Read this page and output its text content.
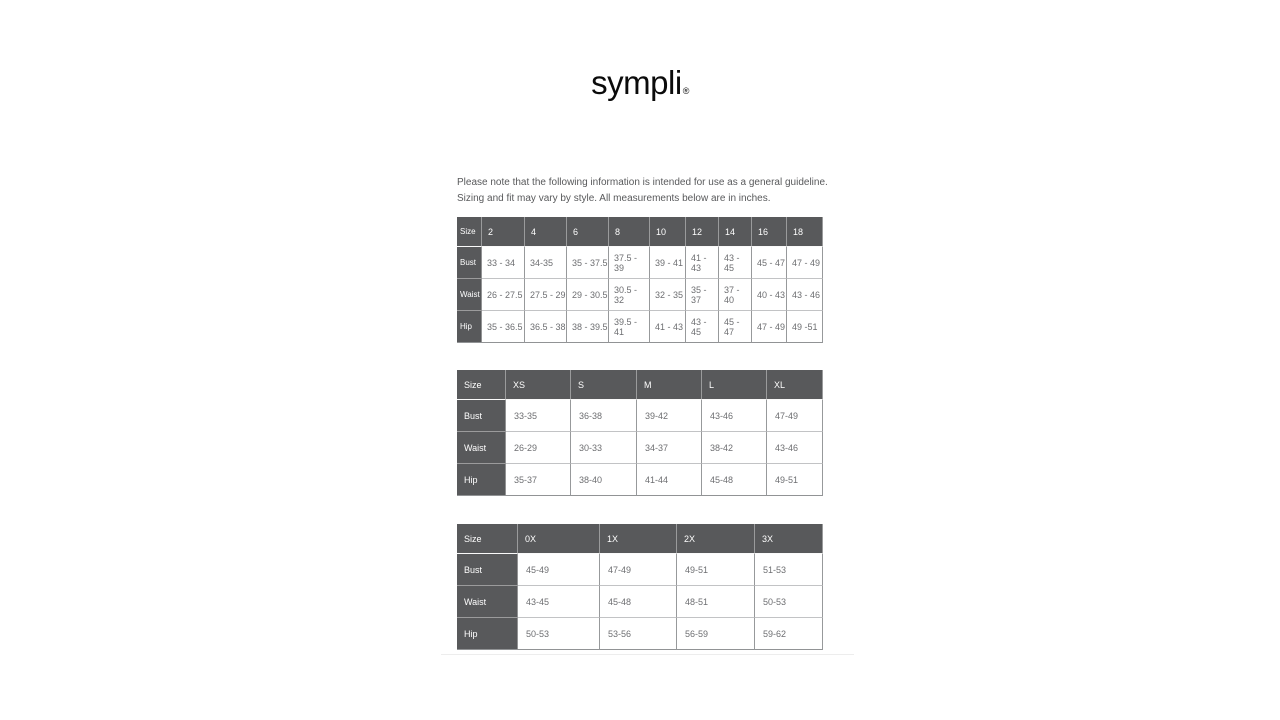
sympli®

Please note that the following information is intended for use as a general guideline.

Sizing and fit may vary by style. All measurements below are in inches.

Size	2	4	6	8	10	12	14	16	18
Bust	33 - 34	34-35	35 - 37.5	37.5 - 39	39 - 41	41 - 43	43 - 45	45 - 47	47 - 49
Waist	26 - 27.5	27.5 - 29	29 - 30.5	30.5 - 32	32 - 35	35 - 37	37 - 40	40 - 43	43 - 46
Hip	35 - 36.5	36.5 - 38	38 - 39.5	39.5 - 41	41 - 43	43 - 45	45 - 47	47 - 49	49 -51
Size	XS	S	M	L	XL
Bust	33-35	36-38	39-42	43-46	47-49
Waist	26-29	30-33	34-37	38-42	43-46
Hip	35-37	38-40	41-44	45-48	49-51
Size	0X	1X	2X	3X
Bust	45-49	47-49	49-51	51-53
Waist	43-45	45-48	48-51	50-53
Hip	50-53	53-56	56-59	59-62
